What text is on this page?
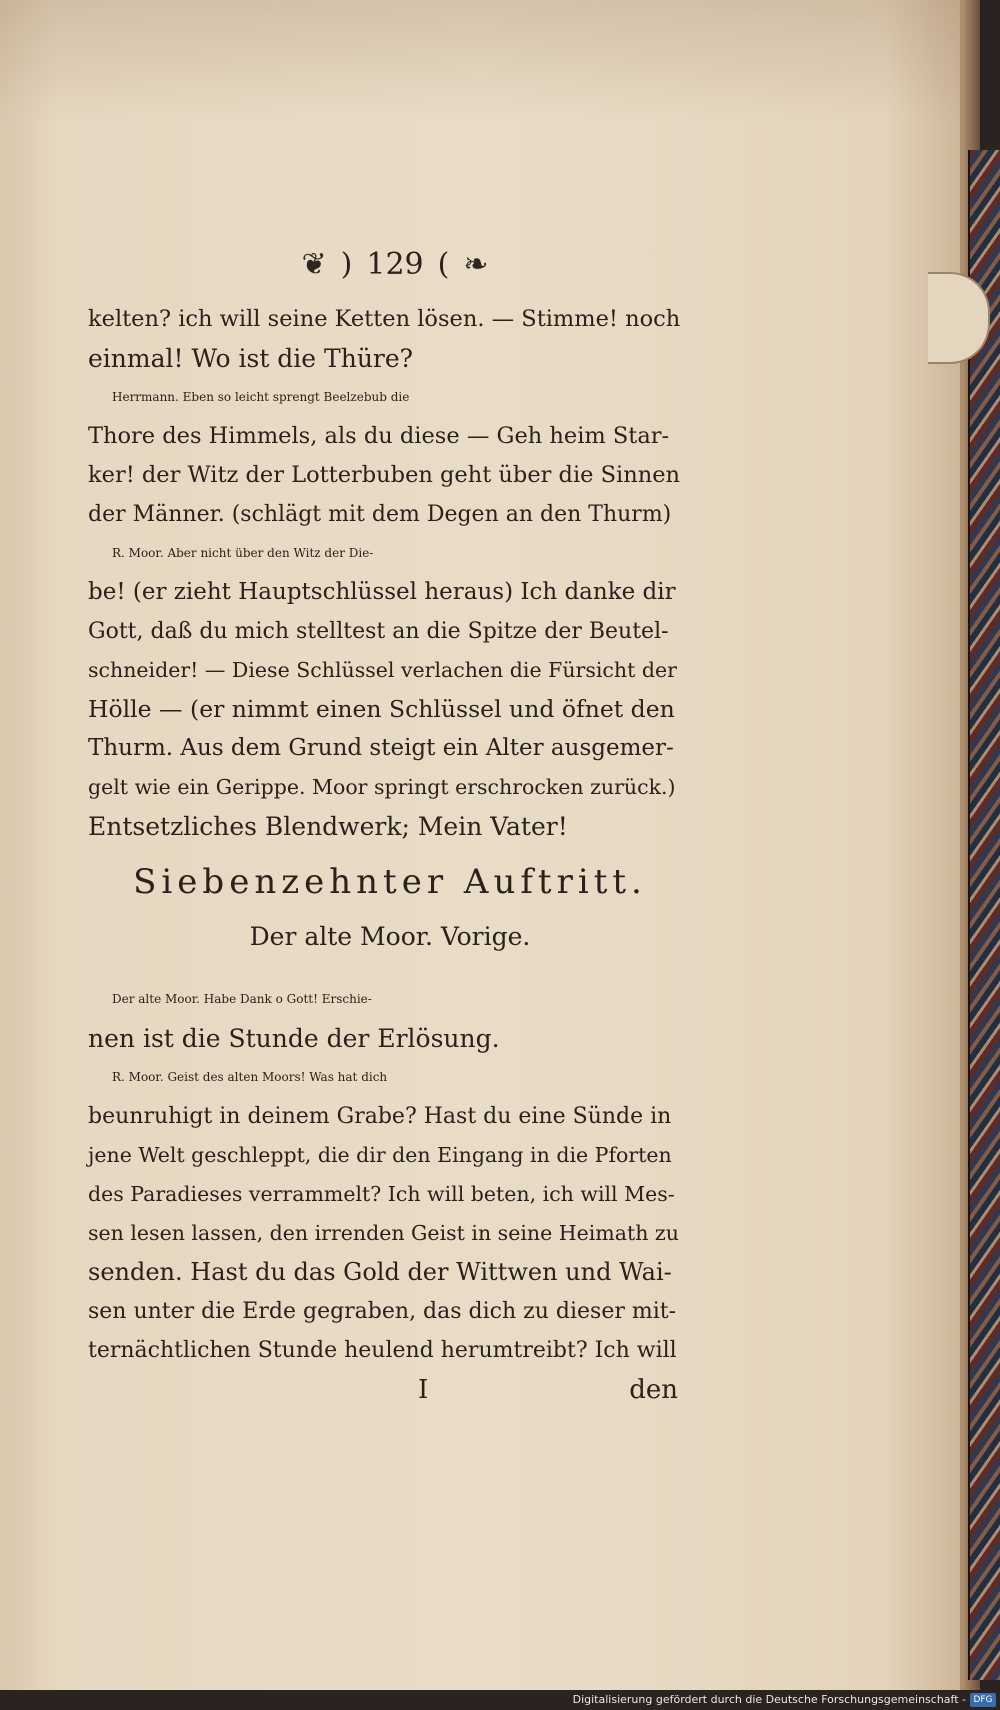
❦ ) 129 ( ❧
kelten? ich will seine Ketten lösen. — Stimme! noch
einmal! Wo ist die Thüre?
Herrmann. Eben so leicht sprengt Beelzebub die
Thore des Himmels, als du diese — Geh heim Star-
ker! der Witz der Lotterbuben geht über die Sinnen
der Männer. (schlägt mit dem Degen an den Thurm)
R. Moor. Aber nicht über den Witz der Die-
be! (er zieht Hauptschlüssel heraus) Ich danke dir
Gott, daß du mich stelltest an die Spitze der Beutel-
schneider! — Diese Schlüssel verlachen die Fürsicht der
Hölle — (er nimmt einen Schlüssel und öfnet den
Thurm. Aus dem Grund steigt ein Alter ausgemer-
gelt wie ein Gerippe. Moor springt erschrocken zurück.)
Entsetzliches Blendwerk; Mein Vater!
Siebenzehnter Auftritt.
Der alte Moor. Vorige.
Der alte Moor. Habe Dank o Gott! Erschie-
nen ist die Stunde der Erlösung.
R. Moor. Geist des alten Moors! Was hat dich
beunruhigt in deinem Grabe? Hast du eine Sünde in
jene Welt geschleppt, die dir den Eingang in die Pforten
des Paradieses verrammelt? Ich will beten, ich will Mes-
sen lesen lassen, den irrenden Geist in seine Heimath zu
senden. Hast du das Gold der Wittwen und Wai-
sen unter die Erde gegraben, das dich zu dieser mit-
ternächtlichen Stunde heulend herumtreibt? Ich will
I	den
Digitalisierung gefördert durch die Deutsche Forschungsgemeinschaft - DFG
